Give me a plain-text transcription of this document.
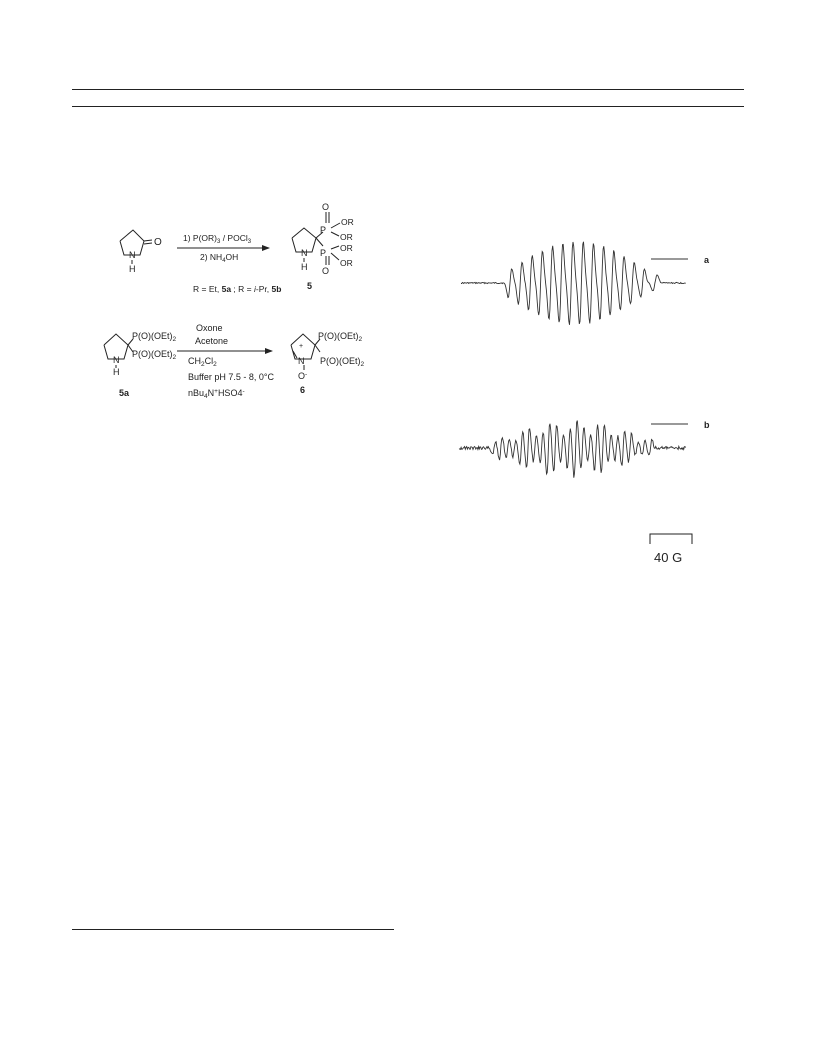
O
N
H
1) $P(OR)_3$ / POCl$_3$
2) $NH_4OH$
O
P
OR
OR
P OR
OR
O
N
H
R = Et, 5a ; R = i-Pr, 5b	5
$P(O)(OEt)_2$
$P(O)(OEt)_2$
N
H
5a
Oxone
Acetone
$CH_2Cl_2$
Buffer pH 7.5 - 8, 0°C
nBu$_4$N+HSO4-
+
N
O-
$P(O)(OEt)_2$
$P(O)(OEt)_2$
6
a
b
40 G
